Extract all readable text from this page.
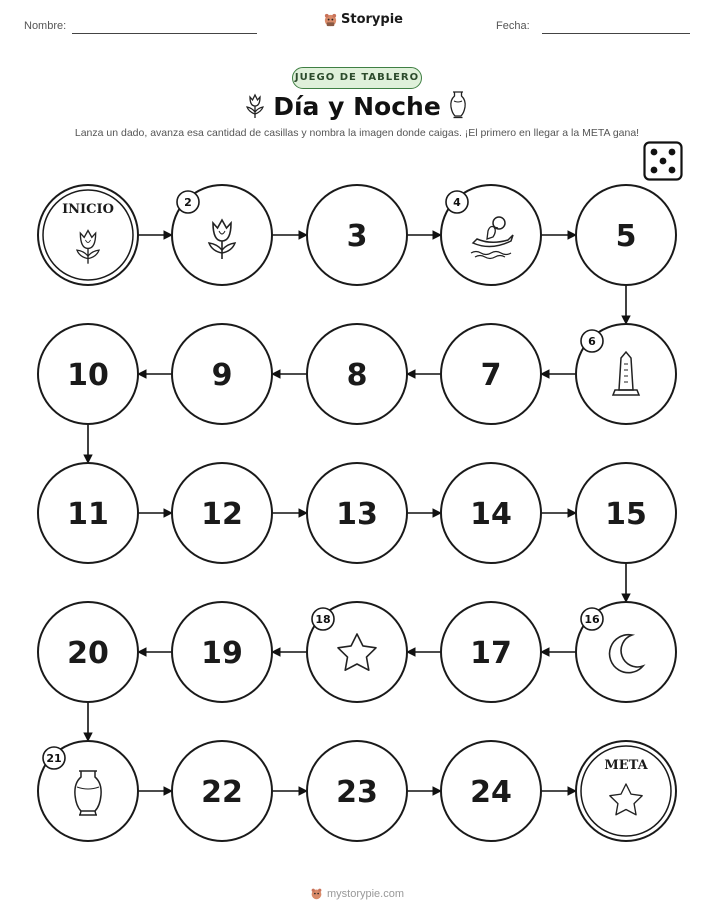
Nombre:	Storypie	Fecha:
JUEGO DE TABLERO
Día y Noche
Lanza un dado, avanza esa cantidad de casillas y nombra la imagen donde caigas. ¡El primero en llegar a la META gana!
INICIO	2
3
4
5
6
7
8
9
10
11	12	13	14	15
16
17
18
19
20
21
22	23	24
META
mystorypie.com
